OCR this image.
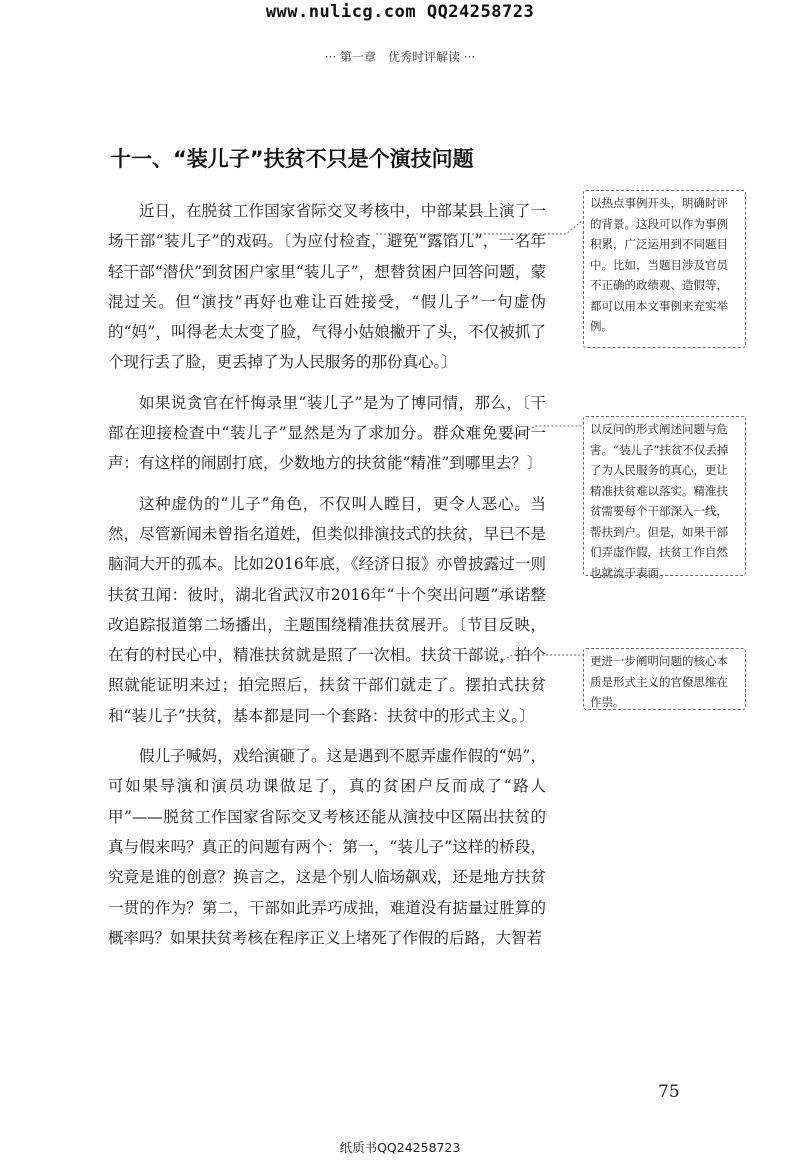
www.nulicg.com QQ24258723
··· 第一章　优秀时评解读 ···
十一、“装儿子”扶贫不只是个演技问题

近日，在脱贫工作国家省际交叉考核中，中部某县上演了一场干部“装儿子”的戏码。〔为应付检查，避免“露馅儿”，一名年轻干部“潜伏”到贫困户家里“装儿子”，想替贫困户回答问题，蒙混过关。但“演技”再好也难让百姓接受，“假儿子”一句虚伪的“妈”，叫得老太太变了脸，气得小姑娘撇开了头，不仅被抓了个现行丢了脸，更丢掉了为人民服务的那份真心。〕

如果说贪官在忏悔录里“装儿子”是为了博同情，那么，〔干部在迎接检查中“装儿子”显然是为了求加分。群众难免要问一声：有这样的闹剧打底，少数地方的扶贫能“精准”到哪里去？〕

这种虚伪的“儿子”角色，不仅叫人瞠目，更令人恶心。当然，尽管新闻未曾指名道姓，但类似排演技式的扶贫，早已不是脑洞大开的孤本。比如2016年底，《经济日报》亦曾披露过一则扶贫丑闻：彼时，湖北省武汉市2016年“十个突出问题”承诺整改追踪报道第二场播出，主题围绕精准扶贫展开。〔节目反映，在有的村民心中，精准扶贫就是照了一次相。扶贫干部说，拍个照就能证明来过；拍完照后，扶贫干部们就走了。摆拍式扶贫和“装儿子”扶贫，基本都是同一个套路：扶贫中的形式主义。〕

假儿子喊妈，戏给演砸了。这是遇到不愿弄虚作假的“妈”，可如果导演和演员功课做足了，真的贫困户反而成了“路人甲”——脱贫工作国家省际交叉考核还能从演技中区隔出扶贫的真与假来吗？真正的问题有两个：第一，“装儿子”这样的桥段，究竟是谁的创意？换言之，这是个别人临场飙戏，还是地方扶贫一贯的作为？第二，干部如此弄巧成拙，难道没有掂量过胜算的概率吗？如果扶贫考核在程序正义上堵死了作假的后路，大智若

以热点事例开头，明确时评的背景。这段可以作为事例积累，广泛运用到不同题目中。比如，当题目涉及官员不正确的政绩观、造假等，都可以用本文事例来充实举例。
以反问的形式阐述问题与危害。“装儿子”扶贫不仅丢掉了为人民服务的真心，更让精准扶贫难以落实。精准扶贫需要每个干部深入一线，帮扶到户。但是，如果干部们弄虚作假，扶贫工作自然也就流于表面。
更进一步阐明问题的核心本质是形式主义的官僚思维在作祟。
75
纸质书QQ24258723
